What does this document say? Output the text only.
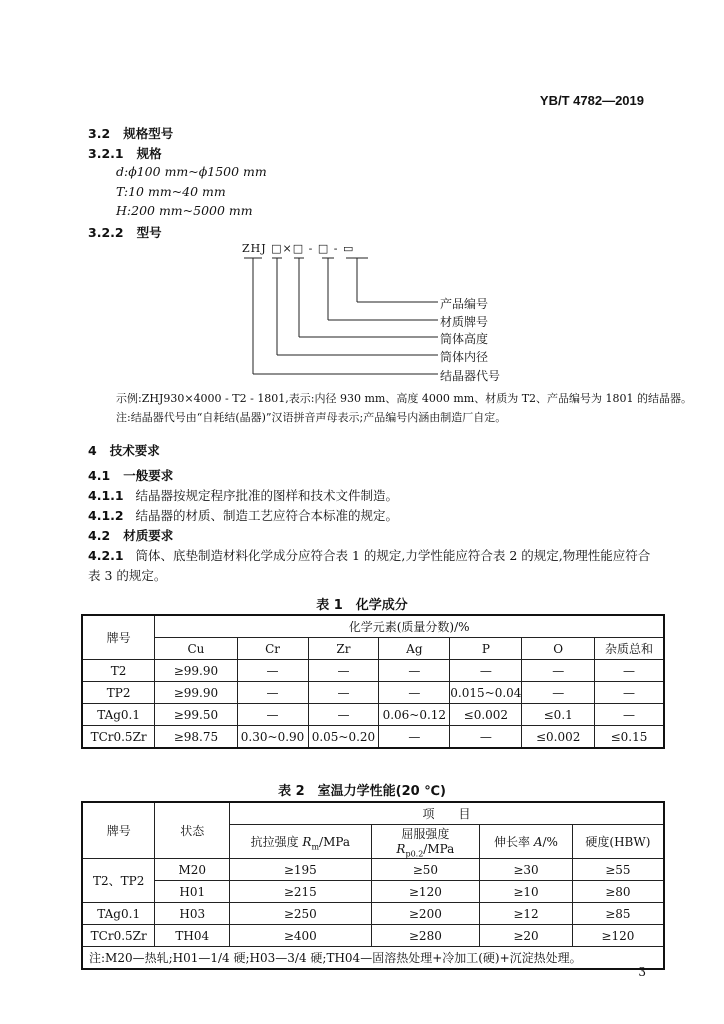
YB/T 4782—2019
3.2 规格型号
3.2.1 规格
d:ϕ100 mm~ϕ1500 mm
T:10 mm~40 mm
H:200 mm~5000 mm
3.2.2 型号
ZHJ □×□ - □ - ▭
产品编号
材质牌号
筒体高度
筒体内径
结晶器代号
示例:ZHJ930×4000 - T2 - 1801,表示:内径 930 mm、高度 4000 mm、材质为 T2、产品编号为 1801 的结晶器。
注:结晶器代号由“自耗结(晶器)”汉语拼音声母表示;产品编号内涵由制造厂自定。
4 技术要求
4.1 一般要求
4.1.1 结晶器按规定程序批准的图样和技术文件制造。
4.1.2 结晶器的材质、制造工艺应符合本标准的规定。
4.2 材质要求
4.2.1 筒体、底垫制造材料化学成分应符合表 1 的规定,力学性能应符合表 2 的规定,物理性能应符合
表 3 的规定。
表 1　化学成分
牌号	化学元素(质量分数)/%						
	Cu	Cr	Zr	Ag	P	O	杂质总和
T2	≥99.90	—	—	—	—	—	—
TP2	≥99.90	—	—	—	0.015~0.04	—	—
TAg0.1	≥99.50	—	—	0.06~0.12	≤0.002	≤0.1	—
TCr0.5Zr	≥98.75	0.30~0.90	0.05~0.20	—	—	≤0.002	≤0.15
表 2　室温力学性能(20 ℃)
牌号	状态	项　　目			
		抗拉强度 $R_m$/MPa	屈服强度 $R_{p0.2}$/MPa	伸长率 A/%	硬度(HBW)
T2、TP2	M20	≥195	≥50	≥30	≥55
	H01	≥215	≥120	≥10	≥80
TAg0.1	H03	≥250	≥200	≥12	≥85
TCr0.5Zr	TH04	≥400	≥280	≥20	≥120
注:M20—热轧;H01—1/4 硬;H03—3/4 硬;TH04—固溶热处理+冷加工(硬)+沉淀热处理。					
3
